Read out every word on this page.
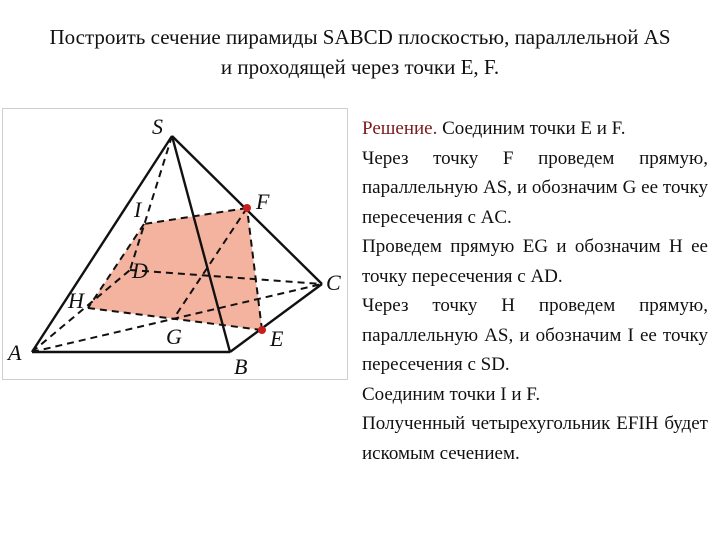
Построить сечение пирамиды SABCD плоскостью, параллельной AS
и проходящей через точки E, F.
S
A
B
C
D
E
F
G
H
I

Решение. Соединим точки E и F.

Через точку F проведем прямую, параллельную AS, и обозначим G ее точку пересечения с AC.

Проведем прямую EG и обозначим H ее точку пересечения с AD.

Через точку H проведем прямую, параллельную AS, и обозначим I ее точку пересечения с SD.

Соединим точки I и F.

Полученный четырехугольник EFIH будет искомым сечением.
